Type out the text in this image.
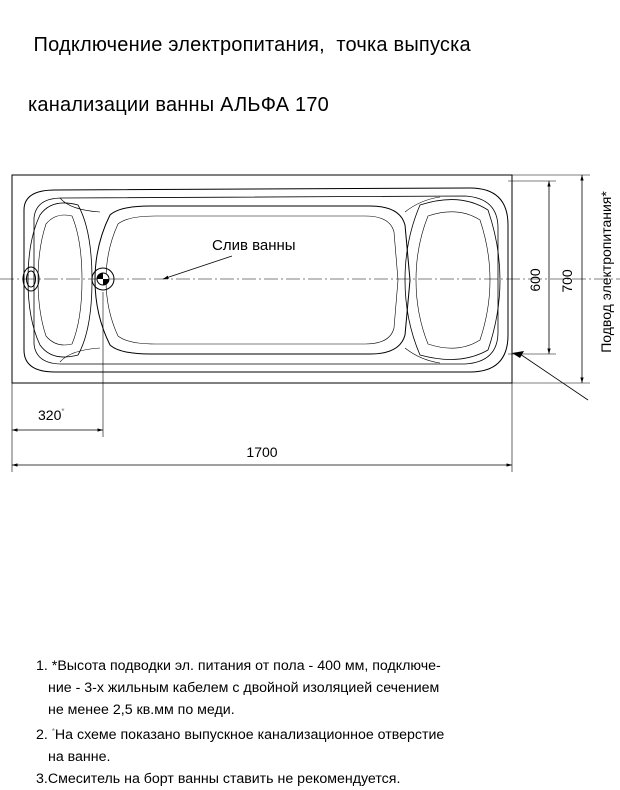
Подключение электропитания,  точка выпуска

канализации ванны АЛЬФА 170

Слив ванны
600 700 Подвод электропитания*
320*
1700
1. *Высота подводки эл. питания от пола - 400 мм, подключе-
ние - 3-х жильным кабелем с двойной изоляцией сечением
не менее 2,5 кв.мм по меди.
2. *На схеме показано выпускное канализационное отверстие
на ванне.
3.Смеситель на борт ванны ставить не рекомендуется.
